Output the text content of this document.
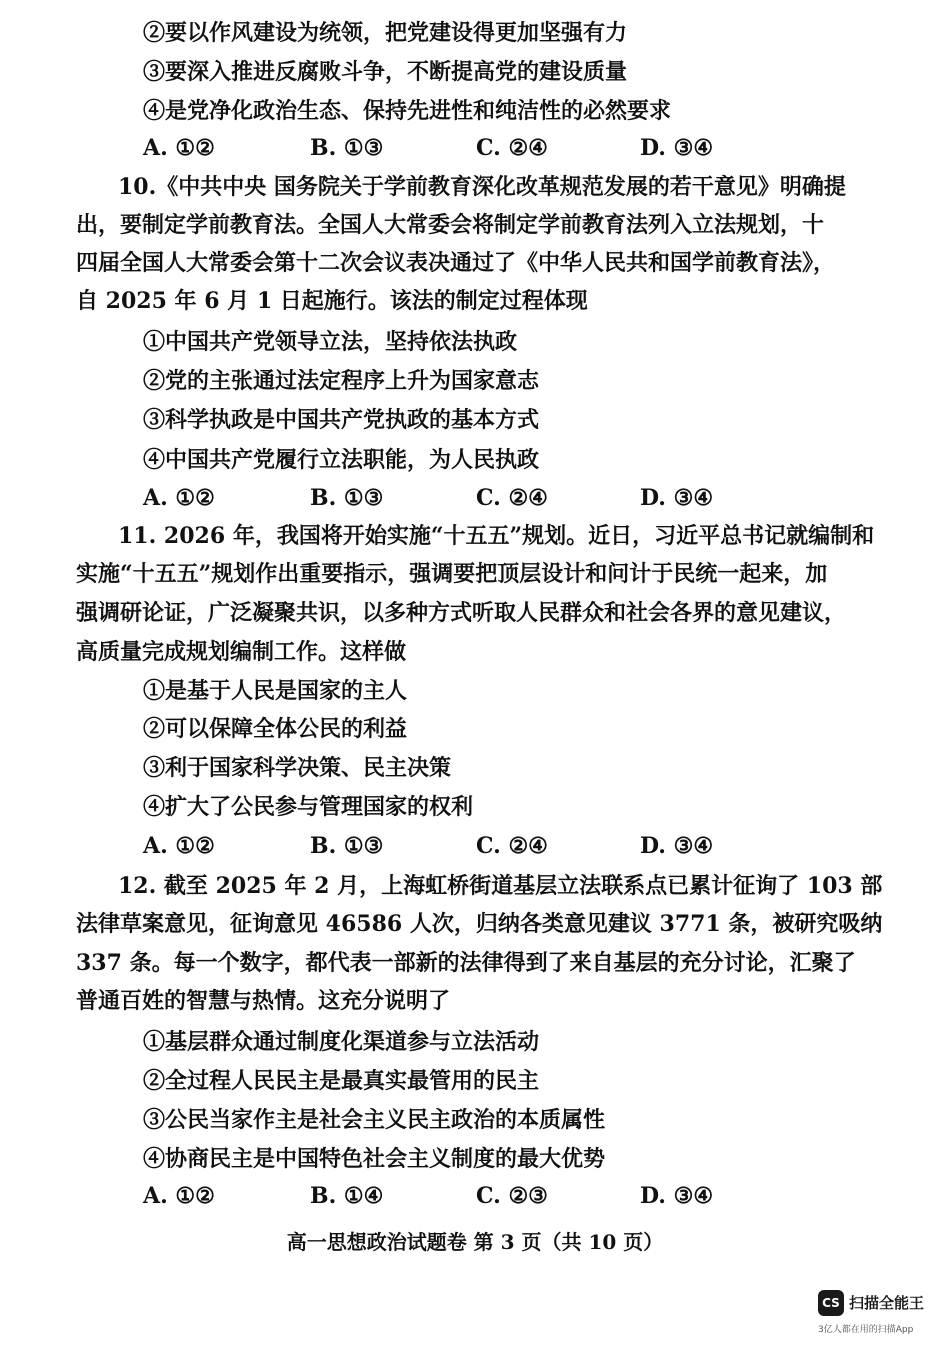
②要以作风建设为统领，把党建设得更加坚强有力
③要深入推进反腐败斗争，不断提高党的建设质量
④是党净化政治生态、保持先进性和纯洁性的必然要求
A. ①②	B. ①③	C. ②④	D. ③④
10.《中共中央 国务院关于学前教育深化改革规范发展的若干意见》明确提
出，要制定学前教育法。全国人大常委会将制定学前教育法列入立法规划，十
四届全国人大常委会第十二次会议表决通过了《中华人民共和国学前教育法》，
自 2025 年 6 月 1 日起施行。该法的制定过程体现
①中国共产党领导立法，坚持依法执政
②党的主张通过法定程序上升为国家意志
③科学执政是中国共产党执政的基本方式
④中国共产党履行立法职能，为人民执政
A. ①②	B. ①③	C. ②④	D. ③④
11. 2026 年，我国将开始实施“十五五”规划。近日，习近平总书记就编制和
实施“十五五”规划作出重要指示，强调要把顶层设计和问计于民统一起来，加
强调研论证，广泛凝聚共识，以多种方式听取人民群众和社会各界的意见建议，
高质量完成规划编制工作。这样做
①是基于人民是国家的主人
②可以保障全体公民的利益
③利于国家科学决策、民主决策
④扩大了公民参与管理国家的权利
A. ①②	B. ①③	C. ②④	D. ③④
12. 截至 2025 年 2 月，上海虹桥街道基层立法联系点已累计征询了 103 部
法律草案意见，征询意见 46586 人次，归纳各类意见建议 3771 条，被研究吸纳
337 条。每一个数字，都代表一部新的法律得到了来自基层的充分讨论，汇聚了
普通百姓的智慧与热情。这充分说明了
①基层群众通过制度化渠道参与立法活动
②全过程人民民主是最真实最管用的民主
③公民当家作主是社会主义民主政治的本质属性
④协商民主是中国特色社会主义制度的最大优势
A. ①②	B. ①④	C. ②③	D. ③④
高一思想政治试题卷 第 3 页（共 10 页）
CS 扫描全能王
3亿人都在用的扫描App
